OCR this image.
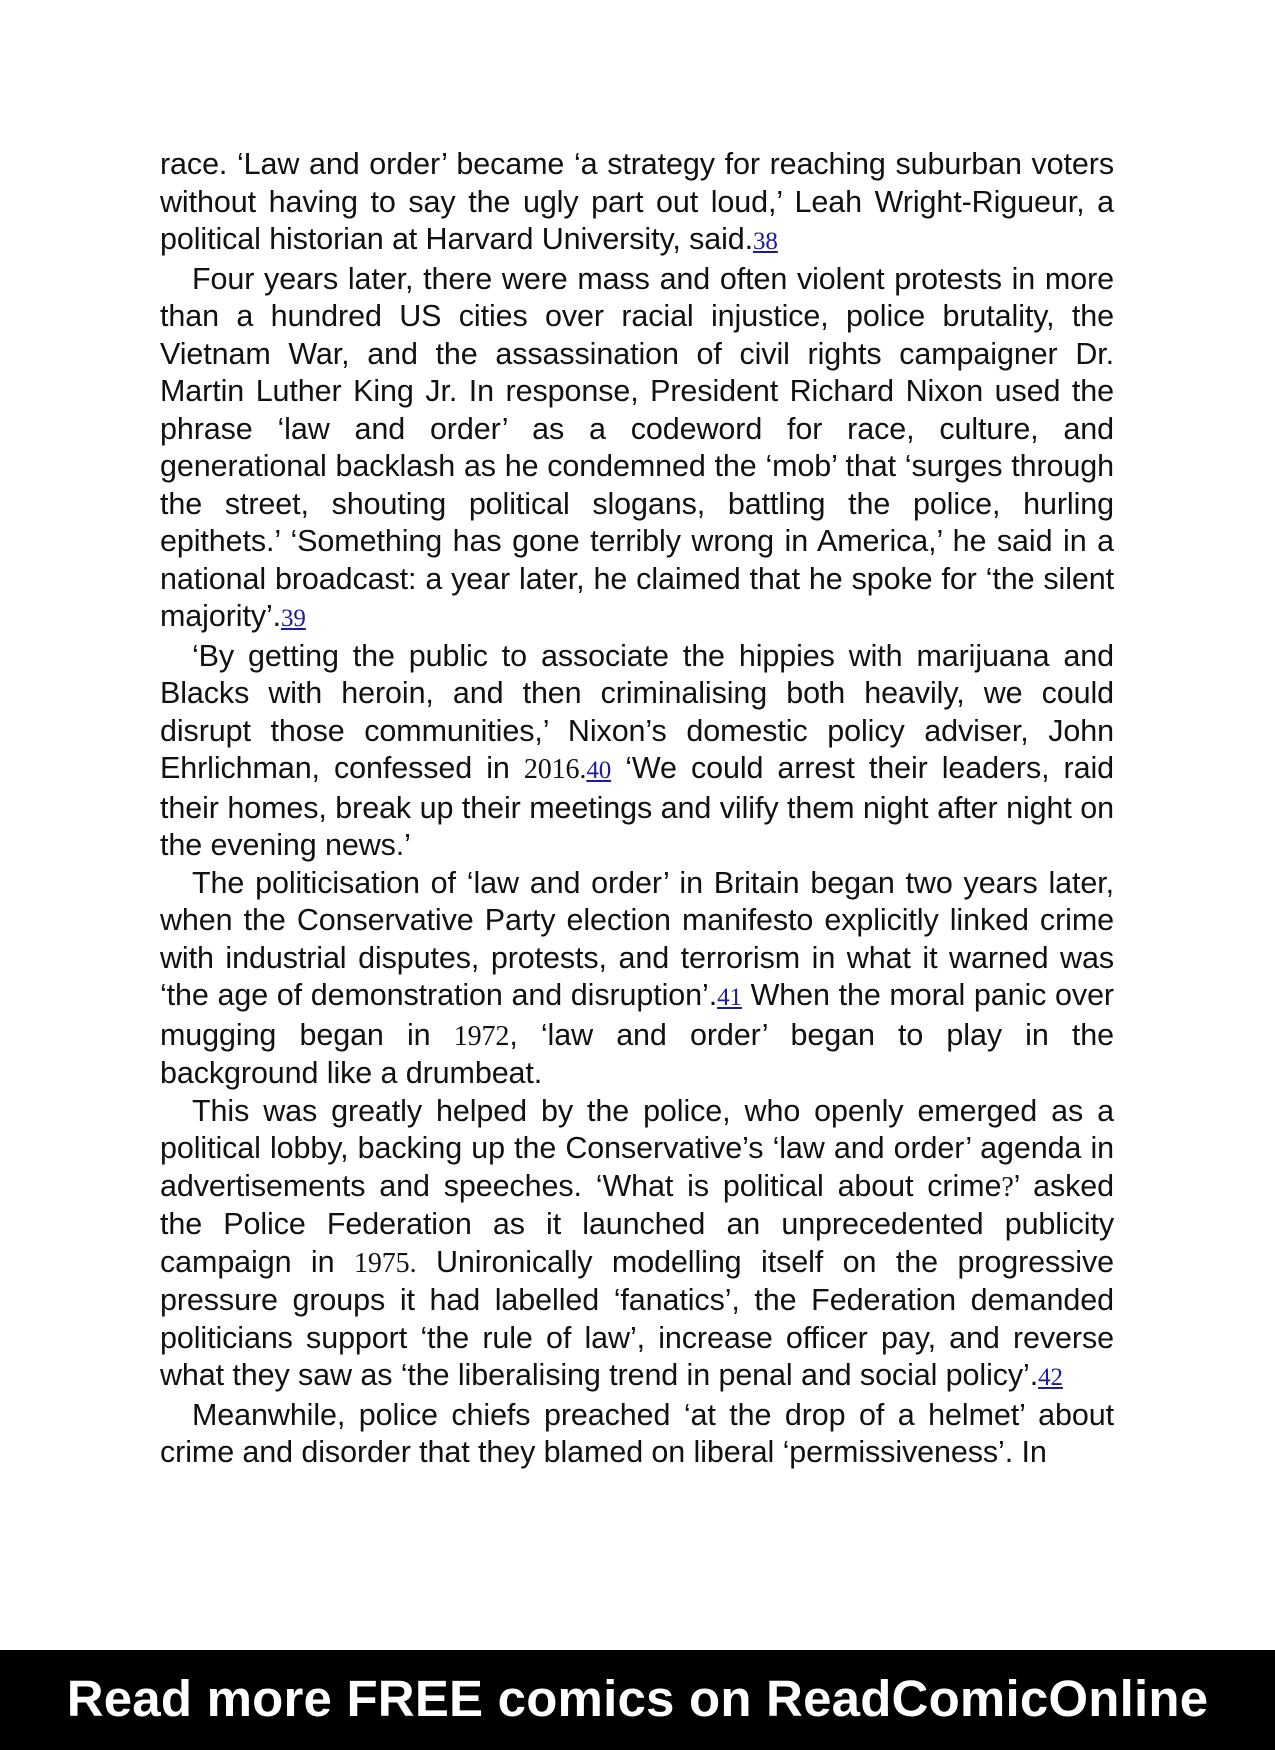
race. ‘Law and order’ became ‘a strategy for reaching suburban voters without having to say the ugly part out loud,’ Leah Wright-Rigueur, a political historian at Harvard University, said.38

Four years later, there were mass and often violent protests in more than a hundred US cities over racial injustice, police brutality, the Vietnam War, and the assassination of civil rights campaigner Dr. Martin Luther King Jr. In response, President Richard Nixon used the phrase ‘law and order’ as a codeword for race, culture, and generational backlash as he condemned the ‘mob’ that ‘surges through the street, shouting political slogans, battling the police, hurling epithets.’ ‘Something has gone terribly wrong in America,’ he said in a national broadcast: a year later, he claimed that he spoke for ‘the silent majority’.39

‘By getting the public to associate the hippies with marijuana and Blacks with heroin, and then criminalising both heavily, we could disrupt those communities,’ Nixon’s domestic policy adviser, John Ehrlichman, confessed in 2016.40 ‘We could arrest their leaders, raid their homes, break up their meetings and vilify them night after night on the evening news.’

The politicisation of ‘law and order’ in Britain began two years later, when the Conservative Party election manifesto explicitly linked crime with industrial disputes, protests, and terrorism in what it warned was ‘the age of demonstration and disruption’.41 When the moral panic over mugging began in 1972, ‘law and order’ began to play in the background like a drumbeat.

This was greatly helped by the police, who openly emerged as a political lobby, backing up the Conservative’s ‘law and order’ agenda in advertisements and speeches. ‘What is political about crime?’ asked the Police Federation as it launched an unprecedented publicity campaign in 1975. Unironically modelling itself on the progressive pressure groups it had labelled ‘fanatics’, the Federation demanded politicians support ‘the rule of law’, increase officer pay, and reverse what they saw as ‘the liberalising trend in penal and social policy’.42

Meanwhile, police chiefs preached ‘at the drop of a helmet’ about crime and disorder that they blamed on liberal ‘permissiveness’. In

Read more FREE comics on ReadComicOnline
